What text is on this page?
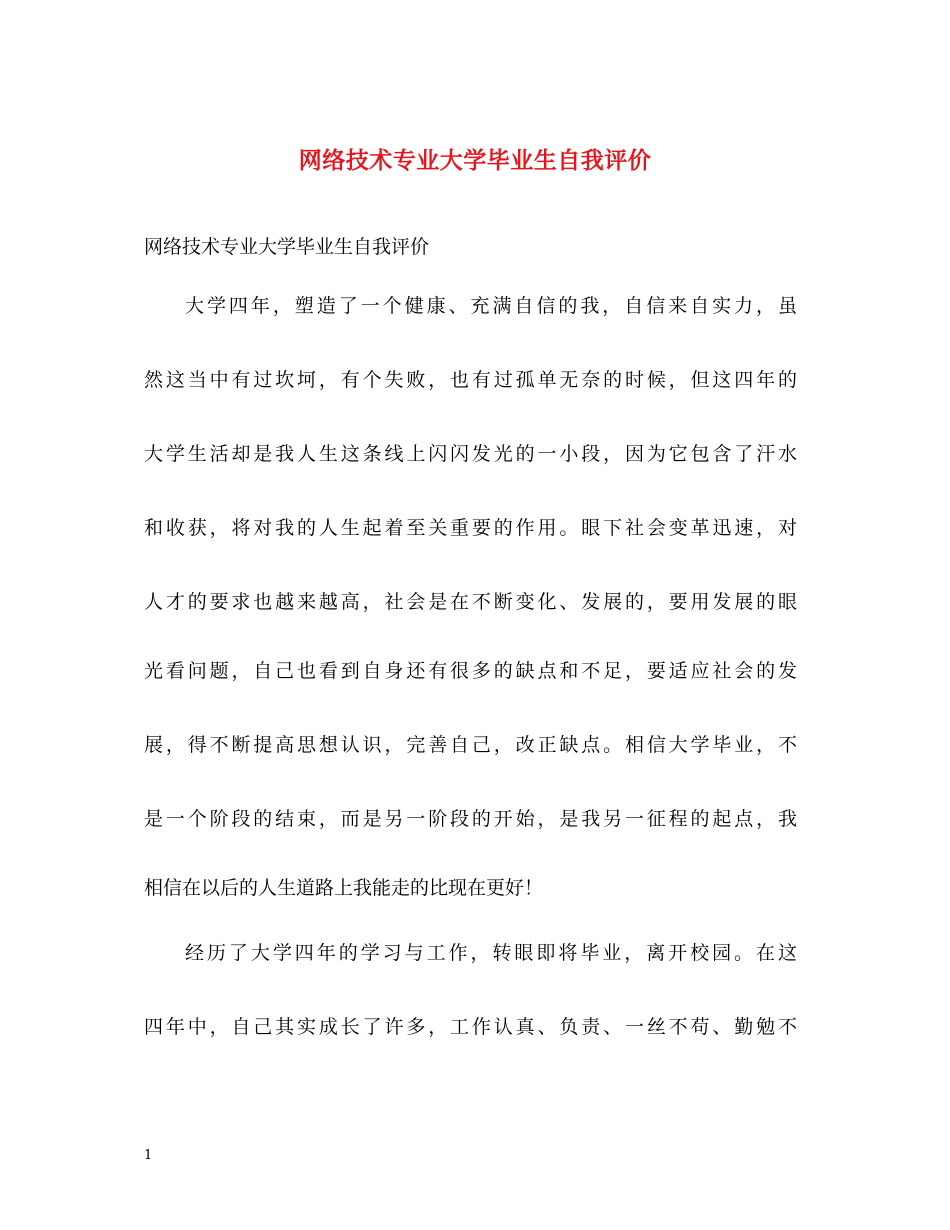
网络技术专业大学毕业生自我评价
网络技术专业大学毕业生自我评价
大学四年，塑造了一个健康、充满自信的我，自信来自实力，虽
然这当中有过坎坷，有个失败，也有过孤单无奈的时候，但这四年的
大学生活却是我人生这条线上闪闪发光的一小段，因为它包含了汗水
和收获，将对我的人生起着至关重要的作用。眼下社会变革迅速，对
人才的要求也越来越高，社会是在不断变化、发展的，要用发展的眼
光看问题，自己也看到自身还有很多的缺点和不足，要适应社会的发
展，得不断提高思想认识，完善自己，改正缺点。相信大学毕业，不
是一个阶段的结束，而是另一阶段的开始，是我另一征程的起点，我
相信在以后的人生道路上我能走的比现在更好！
经历了大学四年的学习与工作，转眼即将毕业，离开校园。在这
四年中，自己其实成长了许多，工作认真、负责、一丝不苟、勤勉不
1
